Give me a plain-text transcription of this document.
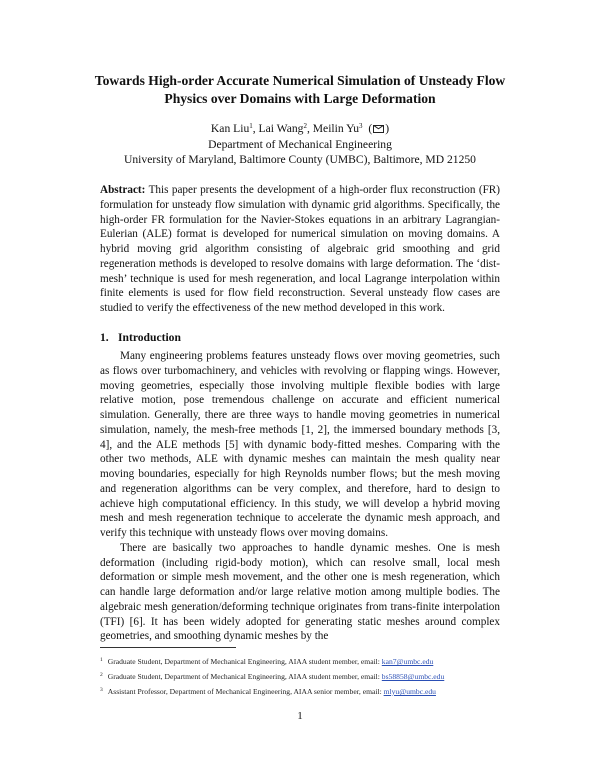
Towards High-order Accurate Numerical Simulation of Unsteady Flow
Physics over Domains with Large Deformation
Kan Liu$^1$, Lai Wang$^2$, Meilin Yu$^3$  ( )
Department of Mechanical Engineering
University of Maryland, Baltimore County (UMBC), Baltimore, MD 21250
Abstract: This paper presents the development of a high-order flux reconstruction (FR) formulation for unsteady flow simulation with dynamic grid algorithms. Specifically, the high-order FR formulation for the Navier-Stokes equations in an arbitrary Lagrangian-Eulerian (ALE) format is developed for numerical simulation on moving domains. A hybrid moving grid algorithm consisting of algebraic grid smoothing and grid regeneration methods is developed to resolve domains with large deformation. The ‘dist-mesh’ technique is used for mesh regeneration, and local Lagrange interpolation within finite elements is used for flow field reconstruction. Several unsteady flow cases are studied to verify the effectiveness of the new method developed in this work.
1. Introduction

Many engineering problems features unsteady flows over moving geometries, such as flows over turbomachinery, and vehicles with revolving or flapping wings. However, moving geometries, especially those involving multiple flexible bodies with large relative motion, pose tremendous challenge on accurate and efficient numerical simulation. Generally, there are three ways to handle moving geometries in numerical simulation, namely, the mesh-free methods [1, 2], the immersed boundary methods [3, 4], and the ALE methods [5] with dynamic body-fitted meshes. Comparing with the other two methods, ALE with dynamic meshes can maintain the mesh quality near moving boundaries, especially for high Reynolds number flows; but the mesh moving and regeneration algorithms can be very complex, and therefore, hard to design to achieve high computational efficiency. In this study, we will develop a hybrid moving mesh and mesh regeneration technique to accelerate the dynamic mesh approach, and verify this technique with unsteady flows over moving domains.

There are basically two approaches to handle dynamic meshes. One is mesh deformation (including rigid-body motion), which can resolve small, local mesh deformation or simple mesh movement, and the other one is mesh regeneration, which can handle large deformation and/or large relative motion among multiple bodies. The algebraic mesh generation/deforming technique originates from trans-finite interpolation (TFI) [6]. It has been widely adopted for generating static meshes around complex geometries, and smoothing dynamic meshes by the

$^1$ Graduate Student, Department of Mechanical Engineering, AIAA student member, email: kan7@umbc.edu
$^2$ Graduate Student, Department of Mechanical Engineering, AIAA student member, email: bs58858@umbc.edu
$^3$ Assistant Professor, Department of Mechanical Engineering, AIAA senior member, email: mlyu@umbc.edu
1
